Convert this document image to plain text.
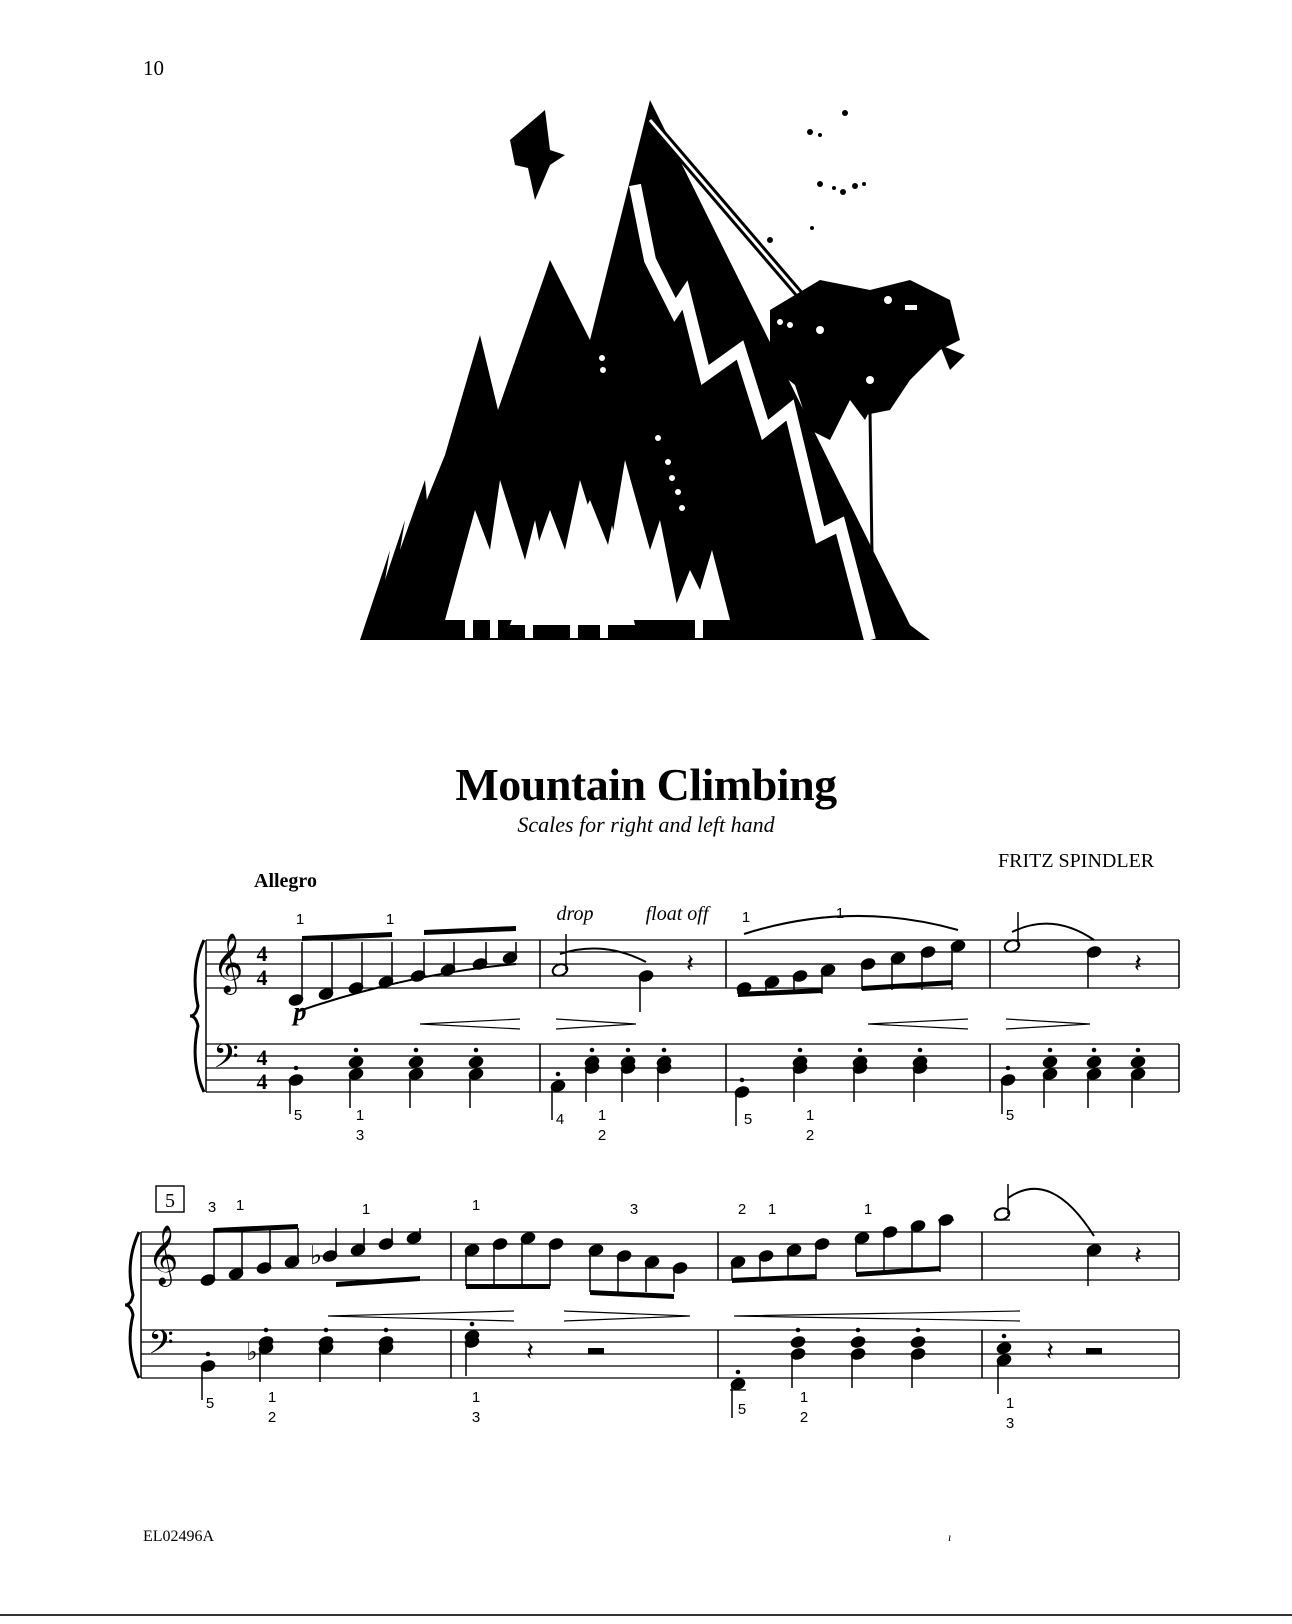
10
Mountain Climbing
Scales for right and left hand
FRITZ SPINDLER
Allegro
EL02496A	ı
𝄞
𝄢
4
4
4
4
𝄽	𝄽
1	1	1	1
5	1
3
4 1
2
5	1
2
5
p
drop	float off
𝄞
𝄢
5
♭	𝄽
♭	𝄽	𝄽
3 1	1	1	3	2 1	1
5	1
2
1
3	5
1
2
1
3
